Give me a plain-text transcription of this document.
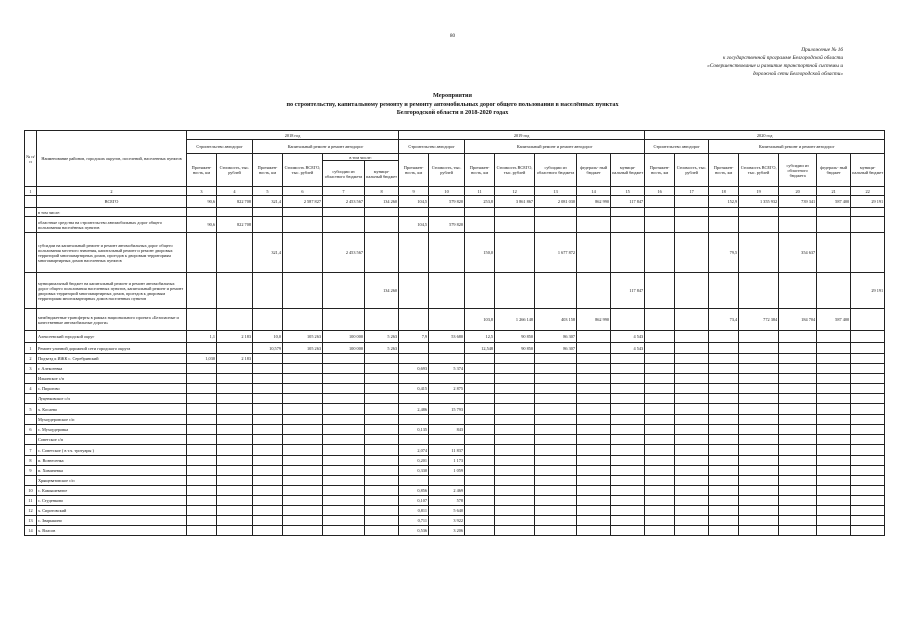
80
Приложение № 16
к государственной программе Белгородской области
«Совершенствование и развитие транспортной системы и
дорожной сети Белгородской области»
Мероприятия
по строительству, капитальному ремонту и ремонту автомобильных дорог общего пользования в населённых пунктах
Белгородской области в 2018-2020 годах
№ п/п	Наименование районов, городских округов, поселений, населенных пунктов	2018 год						2019 год							2020 год						
		Строительство автодорог		Капитальный ремонт и ремонт автодорог				Строительство автодорог		Капитальный ремонт и ремонт автодорог					Строительство автодорог		Капитальный ремонт и ремонт автодорог				
		Протяжен- ность, км	Стоимость, тыс. рублей	Протяжен- ность, км	Стоимость ВСЕГО, тыс. рублей	в том числе:		Протяжен- ность, км	Стоимость, тыс. рублей	Протяжен- ность, км	Стоимость ВСЕГО, тыс. рублей	субсидии из областного бюджета	федераль- ный бюджет	муници- пальный бюджет	Протяжен- ность, км	Стоимость, тыс. рублей	Протяжен- ность, км	Стоимость ВСЕГО, тыс. рублей	субсидии из областного бюджета	федераль- ный бюджет	муници- пальный бюджет
						субсидии из областного бюджета	муници- пальный бюджет														
1	2	3	4	5	6	7	8	9	10	11	12	13	14	15	16	17	18	19	20	21	22
	ВСЕГО	90,6	822 708	321,4	2 587 827	2 453 567	134 260	104,5	579 820	253,8	3 861 867	2 081 030	862 990	117 847			152,9	1 355 932	739 341	587 400	29 191
	в том числе:																				
	областные средства на строительство автомобильных дорог общего пользования населённых пунктов	90,6	822 708					104,5	579 820												
	субсидии на капитальный ремонт и ремонт автомобильных дорог общего пользования местного значения, капитальный ремонт и ремонт дворовых территорий многоквартирных домов, проездов к дворовым территориям многоквартирных домов населенных пунктов			321,4		2 453 567				150,0		1 677 872					79,5		354 637		
	муниципальный бюджет на капитальный ремонт и ремонт автомобильных дорог общего пользования населенных пунктов, капитальный ремонт и ремонт дворовых территорий многоквартирных домов, проездов к дворовым территориям многоквартирных домов населенных пунктов						134 260							117 847							29 191
	межбюджетные трансферты в рамках национального проекта «Безопасные и качественные автомобильные дороги»									103,8	1 266 148	403 158	862 990				73,4	772 384	184 704	587 400	
	Алексеевский городской округ	1,1	2 183	10,0	105 263	100 000	5 263	7,9	53 680	12,5	90 850	86 307		4 543							
1	Ремонт уличной дорожной сети городского округа			10,579	105 263	100 000	5 263			12,548	90 850	86 307		4 543							
2	Подъезд к ИЖК с. Серебрянский	1,030	2 183																		
3	г. Алексеевка							0,693	5 374												
	Ильинское с/п																				
4	с. Пирогово							0,415	2 875												
	Луценковское с/п																				
5	х. Косаево							2,486	15 793												
	Мухоудеровское с/п																				
6	с. Мухоудеровка							0,135	843												
	Советское с/п																				
7	с. Советское ( в т.ч. тротуары )							2,074	11 837												
8	п. Вознесенка							0,201	1 173												
9	п. Химичевка							0,330	1 059												
	Хрящеватовское с/п																				
10	с. Камышеватое							0,856	2 469												
11	с. Студенково							0,107	578												
12	х. Сиротовский							0,811	5 640												
13	с. Зварыкино							0,711	3 922												
14	х. Власов							0,536	3 206												
